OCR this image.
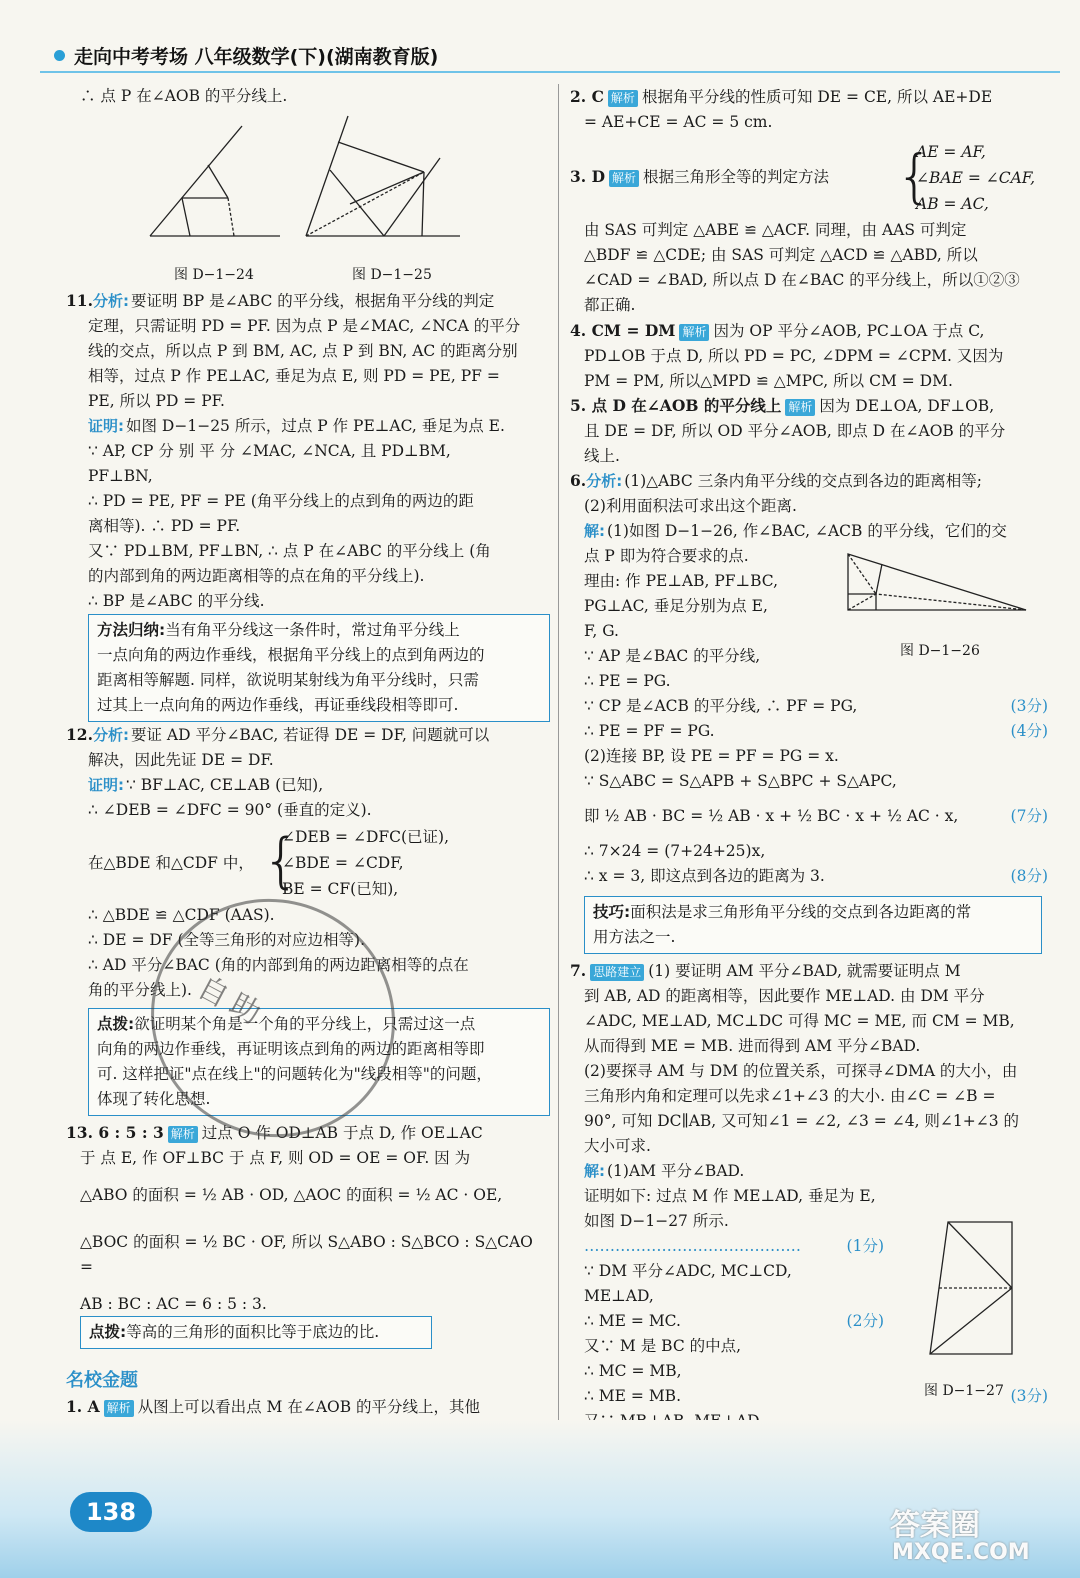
走向中考考场 八年级数学(下)(湖南教育版)

∴ 点 P 在∠AOB 的平分线上.

图 D−1−24	图 D−1−25

11.分析: 要证明 BP 是∠ABC 的平分线，根据角平分线的判定

定理，只需证明 PD = PF. 因为点 P 是∠MAC, ∠NCA 的平分

线的交点，所以点 P 到 BM, AC, 点 P 到 BN, AC 的距离分别

相等，过点 P 作 PE⊥AC, 垂足为点 E, 则 PD = PE, PF =

PE, 所以 PD = PF.

证明: 如图 D−1−25 所示，过点 P 作 PE⊥AC, 垂足为点 E.

∵ AP, CP 分 别 平 分 ∠MAC, ∠NCA, 且 PD⊥BM,

PF⊥BN,

∴ PD = PE, PF = PE (角平分线上的点到角的两边的距

离相等). ∴ PD = PF.

又∵ PD⊥BM, PF⊥BN, ∴ 点 P 在∠ABC 的平分线上 (角

的内部到角的两边距离相等的点在角的平分线上).

∴ BP 是∠ABC 的平分线.

方法归纳:当有角平分线这一条件时，常过角平分线上

一点向角的两边作垂线，根据角平分线上的点到角两边的

距离相等解题. 同样，欲说明某射线为角平分线时，只需

过其上一点向角的两边作垂线，再证垂线段相等即可.

12.分析: 要证 AD 平分∠BAC, 若证得 DE = DF, 问题就可以

解决，因此先证 DE = DF.

证明: ∵ BF⊥AC, CE⊥AB (已知),

∴ ∠DEB = ∠DFC = 90° (垂直的定义).

在△BDE 和△CDF 中， {
∠DEB = ∠DFC(已证),
∠BDE = ∠CDF,
BE = CF(已知),

∴ △BDE ≌ △CDF (AAS).

∴ DE = DF (全等三角形的对应边相等).

∴ AD 平分∠BAC (角的内部到角的两边距离相等的点在

角的平分线上).

点拨:欲证明某个角是一个角的平分线上，只需过这一点

向角的两边作垂线，再证明该点到角的两边的距离相等即

可. 这样把证"点在线上"的问题转化为"线段相等"的问题，

体现了转化思想.

13. 6 : 5 : 3 解析 过点 O 作 OD⊥AB 于点 D, 作 OE⊥AC

于 点 E, 作 OF⊥BC 于 点 F, 则 OD = OE = OF. 因 为

△ABO 的面积 = ½ AB · OD, △AOC 的面积 = ½ AC · OE,

△BOC 的面积 = ½ BC · OF, 所以 S△ABO : S△BCO : S△CAO =

AB : BC : AC = 6 : 5 : 3.

点拨:等高的三角形的面积比等于底边的比.

名校金题

1. A 解析 从图上可以看出点 M 在∠AOB 的平分线上，其他

2. C 解析 根据角平分线的性质可知 DE = CE, 所以 AE+DE

= AE+CE = AC = 5 cm.

3. D 解析 根据三角形全等的判定方法 {
AE = AF,
∠BAE = ∠CAF,
AB = AC,

由 SAS 可判定 △ABE ≌ △ACF. 同理，由 AAS 可判定

△BDF ≌ △CDE; 由 SAS 可判定 △ACD ≌ △ABD, 所以

∠CAD = ∠BAD, 所以点 D 在∠BAC 的平分线上，所以①②③

都正确.

4. CM = DM 解析 因为 OP 平分∠AOB, PC⊥OA 于点 C,

PD⊥OB 于点 D, 所以 PD = PC, ∠DPM = ∠CPM. 又因为

PM = PM, 所以△MPD ≌ △MPC, 所以 CM = DM.

5. 点 D 在∠AOB 的平分线上 解析 因为 DE⊥OA, DF⊥OB,

且 DE = DF, 所以 OD 平分∠AOB, 即点 D 在∠AOB 的平分

线上.

6.分析: (1)△ABC 三条内角平分线的交点到各边的距离相等;

(2)利用面积法可求出这个距离.

解: (1)如图 D−1−26, 作∠BAC, ∠ACB 的平分线，它们的交

点 P 即为符合要求的点.

理由: 作 PE⊥AB, PF⊥BC,

PG⊥AC, 垂足分别为点 E,

F, G.

∵ AP 是∠BAC 的平分线,

∴ PE = PG.

∵ CP 是∠ACB 的平分线, ∴ PF = PG,	(3分)

∴ PE = PF = PG.	(4分)

(2)连接 BP, 设 PE = PF = PG = x.

∵ S△ABC = S△APB + S△BPC + S△APC,

即 ½ AB · BC = ½ AB · x + ½ BC · x + ½ AC · x,	(7分)

∴ 7×24 = (7+24+25)x,

∴ x = 3, 即这点到各边的距离为 3.	(8分)

图 D−1−26

技巧:面积法是求三角形角平分线的交点到各边距离的常

用方法之一.

7. 思路建立 (1) 要证明 AM 平分∠BAD, 就需要证明点 M

到 AB, AD 的距离相等，因此要作 ME⊥AD. 由 DM 平分

∠ADC, ME⊥AD, MC⊥DC 可得 MC = ME, 而 CM = MB,

从而得到 ME = MB. 进而得到 AM 平分∠BAD.

(2)要探寻 AM 与 DM 的位置关系，可探寻∠DMA 的大小，由

三角形内角和定理可以先求∠1+∠3 的大小. 由∠C = ∠B =

90°, 可知 DC∥AB, 又可知∠1 = ∠2, ∠3 = ∠4, 则∠1+∠3 的

大小可求.

解: (1)AM 平分∠BAD.

证明如下: 过点 M 作 ME⊥AD, 垂足为 E,

如图 D−1−27 所示.

……………………………………	(1分)

∵ DM 平分∠ADC, MC⊥CD,

ME⊥AD,

∴ ME = MC.	(2分)

又∵ M 是 BC 的中点,

∴ MC = MB,

∴ ME = MB.	(3分)

图 D−1−27
138
自助
答案圈
MXQE.COM
